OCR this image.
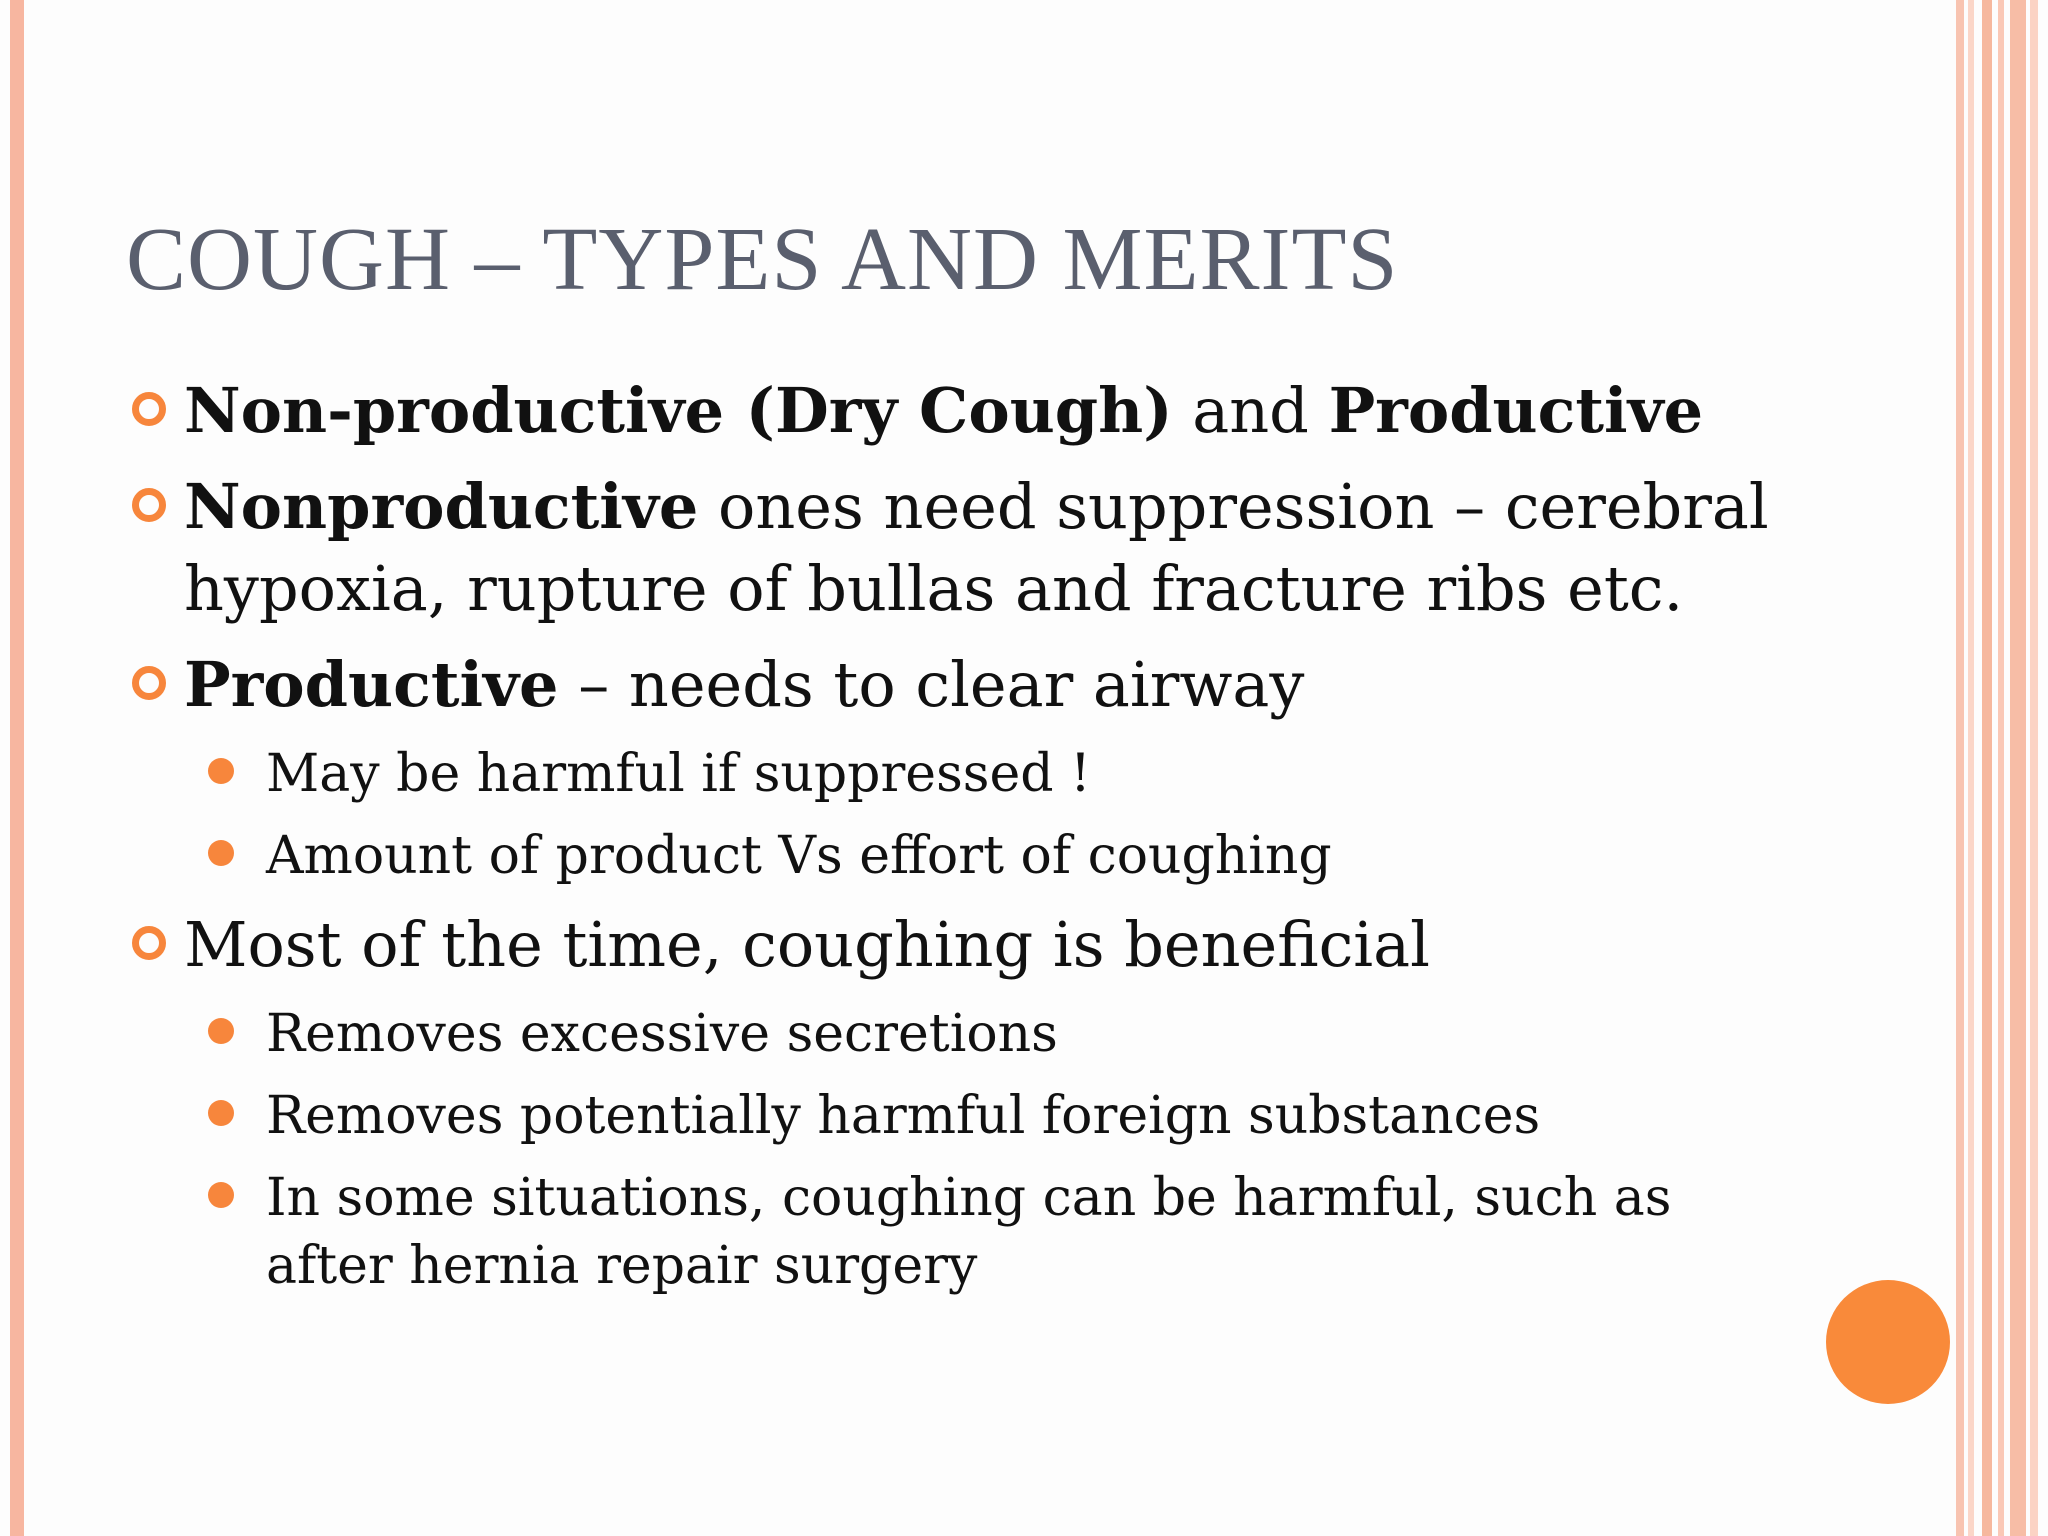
COUGH – TYPES AND MERITS
Non-productive (Dry Cough) and Productive
Nonproductive ones need suppression – cerebral hypoxia, rupture of bullas and fracture ribs etc.
Productive – needs to clear airway
May be harmful if suppressed !
Amount of product Vs effort of coughing
Most of the time, coughing is beneficial
Removes excessive secretions
Removes potentially harmful foreign substances
In some situations, coughing can be harmful, such as after hernia repair surgery
